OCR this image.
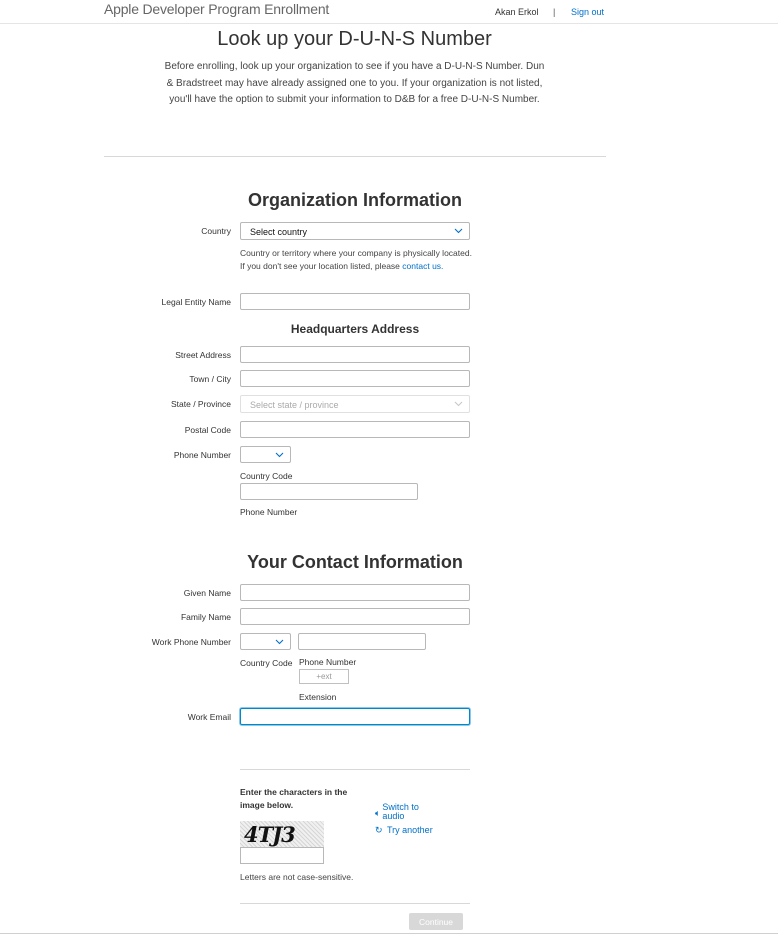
Apple Developer Program Enrollment	Akan Erkol | Sign out
Look up your D-U-N-S Number
Before enrolling, look up your organization to see if you have a D-U-N-S Number. Dun & Bradstreet may have already assigned one to you. If your organization is not listed, you'll have the option to submit your information to D&B for a free D-U-N-S Number.
Organization Information
Country	Select country
Country or territory where your company is physically located. If you don't see your location listed, please contact us.
Legal Entity Name
Headquarters Address
Street Address
Town / City
State / Province	Select state / province
Postal Code
Phone Number
Country Code
Phone Number
Your Contact Information
Given Name
Family Name
Work Phone Number
Country Code Phone Number
+ext
Extension
Work Email
Enter the characters in the image below.
🔈︎Switch to audio
↻ Try another
4TJ3
Letters are not case-sensitive.
Continue
